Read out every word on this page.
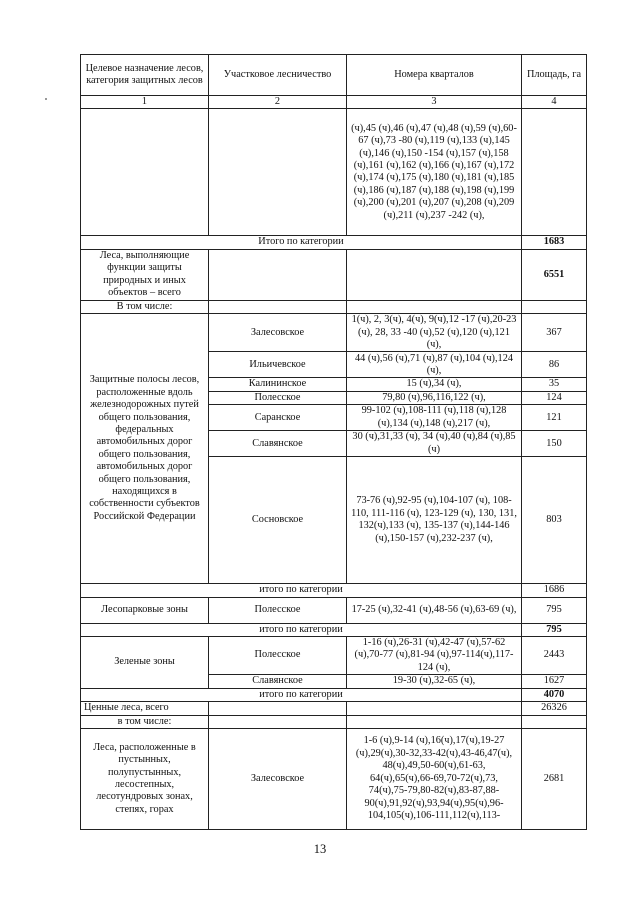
Целевое назначение лесов, категория защитных лесов	Участковое лесничество	Номера кварталов	Площадь, га
1	2	3	4
		(ч),45 (ч),46 (ч),47 (ч),48 (ч),59 (ч),60-67 (ч),73 -80 (ч),119 (ч),133 (ч),145 (ч),146 (ч),150 -154 (ч),157 (ч),158 (ч),161 (ч),162 (ч),166 (ч),167 (ч),172 (ч),174 (ч),175 (ч),180 (ч),181 (ч),185 (ч),186 (ч),187 (ч),188 (ч),198 (ч),199 (ч),200 (ч),201 (ч),207 (ч),208 (ч),209 (ч),211 (ч),237 -242 (ч),	
Итого по категории			1683
Леса, выполняющие функции защиты природных и иных объектов – всего			6551
В том числе:			
Защитные полосы лесов, расположенные вдоль железнодорожных путей общего пользования, федеральных автомобильных дорог общего пользования, автомобильных дорог общего пользования, находящихся в собственности субъектов Российской Федерации	Залесовское	1(ч), 2, 3(ч), 4(ч), 9(ч),12 -17 (ч),20-23 (ч), 28, 33 -40 (ч),52 (ч),120 (ч),121 (ч),	367
	Ильичевское	44 (ч),56 (ч),71 (ч),87 (ч),104 (ч),124 (ч),	86
	Калининское	15 (ч),34 (ч),	35
	Полесское	79,80 (ч),96,116,122 (ч),	124
	Саранское	99-102 (ч),108-111 (ч),118 (ч),128 (ч),134 (ч),148 (ч),217 (ч),	121
	Славянское	30 (ч),31,33 (ч), 34 (ч),40 (ч),84 (ч),85 (ч)	150
	Сосновское	73-76 (ч),92-95 (ч),104-107 (ч), 108-110, 111-116 (ч), 123-129 (ч), 130, 131, 132(ч),133 (ч), 135-137 (ч),144-146 (ч),150-157 (ч),232-237 (ч),	803
итого по категории			1686
Лесопарковые зоны	Полесское	17-25 (ч),32-41 (ч),48-56 (ч),63-69 (ч),	795
итого по категории			795
Зеленые зоны	Полесское	1-16 (ч),26-31 (ч),42-47 (ч),57-62 (ч),70-77 (ч),81-94 (ч),97-114(ч),117-124 (ч),	2443
	Славянское	19-30 (ч),32-65 (ч),	1627
итого по категории			4070
Ценные леса, всего			26326
в том числе:			
Леса, расположенные в пустынных, полупустынных, лесостепных, лесотундровых зонах, степях, горах	Залесовское	1-6 (ч),9-14 (ч),16(ч),17(ч),19-27 (ч),29(ч),30-32,33-42(ч),43-46,47(ч), 48(ч),49,50-60(ч),61-63, 64(ч),65(ч),66-69,70-72(ч),73, 74(ч),75-79,80-82(ч),83-87,88-90(ч),91,92(ч),93,94(ч),95(ч),96-104,105(ч),106-111,112(ч),113-	2681
13
